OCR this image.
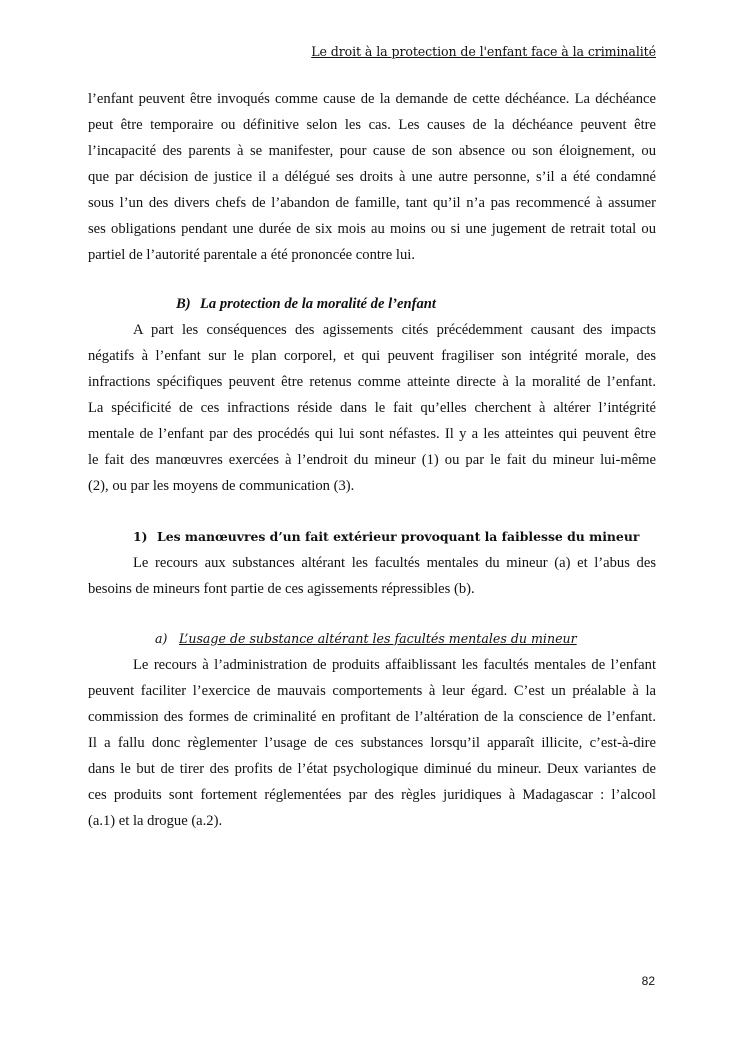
Le droit à la protection de l'enfant face à la criminalité
l’enfant peuvent être invoqués comme cause de la demande de cette déchéance. La déchéance
peut être temporaire ou définitive selon les cas. Les causes de la déchéance peuvent être
l’incapacité des parents à se manifester, pour cause de son absence ou son éloignement, ou
que par décision de justice il a délégué ses droits à une autre personne, s’il a été condamné
sous l’un des divers chefs de l’abandon de famille, tant qu’il n’a pas recommencé à assumer
ses obligations pendant une durée de six mois au moins ou si une jugement de retrait total ou
partiel de l’autorité parentale a été prononcée contre lui.
B) La protection de la moralité de l’enfant
A part les conséquences des agissements cités précédemment causant des impacts
négatifs à l’enfant sur le plan corporel, et qui peuvent fragiliser son intégrité morale, des
infractions spécifiques peuvent être retenus comme atteinte directe à la moralité de l’enfant.
La spécificité de ces infractions réside dans le fait qu’elles cherchent à altérer l’intégrité
mentale de l’enfant par des procédés qui lui sont néfastes. Il y a les atteintes qui peuvent être
le fait des manœuvres exercées à l’endroit du mineur (1) ou par le fait du mineur lui-même
(2), ou par les moyens de communication (3).
1) Les manœuvres d’un fait extérieur provoquant la faiblesse du mineur
Le recours aux substances altérant les facultés mentales du mineur (a) et l’abus des
besoins de mineurs font partie de ces agissements répressibles (b).
a) L’usage de substance altérant les facultés mentales du mineur
Le recours à l’administration de produits affaiblissant les facultés mentales de l’enfant
peuvent faciliter l’exercice de mauvais comportements à leur égard. C’est un préalable à la
commission des formes de criminalité en profitant de l’altération de la conscience de l’enfant.
Il a fallu donc règlementer l’usage de ces substances lorsqu’il apparaît illicite, c’est-à-dire
dans le but de tirer des profits de l’état psychologique diminué du mineur. Deux variantes de
ces produits sont fortement réglementées par des règles juridiques à Madagascar : l’alcool
(a.1) et la drogue (a.2).
82
